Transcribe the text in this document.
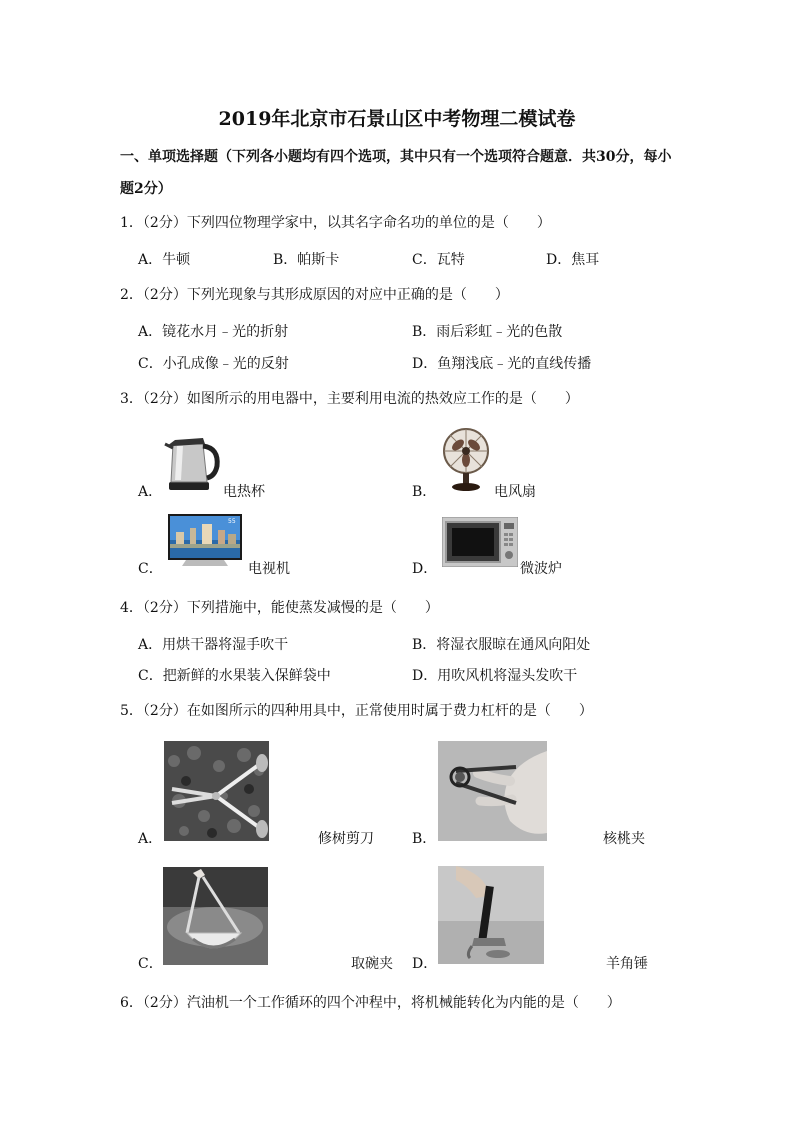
2019年北京市石景山区中考物理二模试卷
一、单项选择题（下列各小题均有四个选项，其中只有一个选项符合题意．共30分，每小
题2分）
1．（2分）下列四位物理学家中，以其名字命名功的单位的是（　　）
A．牛顿	B．帕斯卡	C．瓦特	D．焦耳
2．（2分）下列光现象与其形成原因的对应中正确的是（　　）
A．镜花水月﹣光的折射	B．雨后彩虹﹣光的色散
C．小孔成像﹣光的反射	D．鱼翔浅底﹣光的直线传播
3．（2分）如图所示的用电器中，主要利用电流的热效应工作的是（　　）
A．	电热杯	B．	电风扇
55
C．	电视机	D．	微波炉
4．（2分）下列措施中，能使蒸发减慢的是（　　）
A．用烘干器将湿手吹干	B．将湿衣服晾在通风向阳处
C．把新鲜的水果装入保鲜袋中	D．用吹风机将湿头发吹干
5．（2分）在如图所示的四种用具中，正常使用时属于费力杠杆的是（　　）
A．	修树剪刀	B．	核桃夹
C．	取碗夹 D．	羊角锤
6．（2分）汽油机一个工作循环的四个冲程中，将机械能转化为内能的是（　　）
